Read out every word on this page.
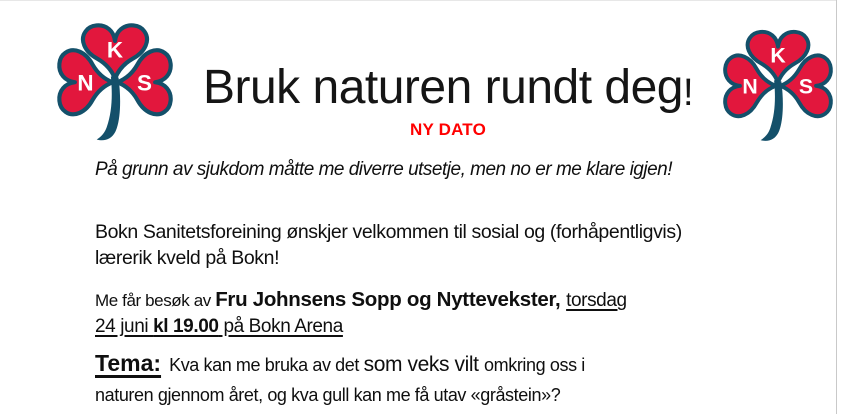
K
N S
K
N S
Bruk naturen rundt deg!
NY DATO
På grunn av sjukdom måtte me diverre utsetje, men no er me klare igjen!
Bokn Sanitetsforeining ønskjer velkommen til sosial og (forhåpentligvis)
lærerik kveld på Bokn!
Me får besøk av Fru Johnsens Sopp og Nyttevekster, torsdag
24 juni kl 19.00 på Bokn Arena
Tema: Kva kan me bruka av det som veks vilt omkring oss i
naturen gjennom året, og kva gull kan me få utav «gråstein»?
